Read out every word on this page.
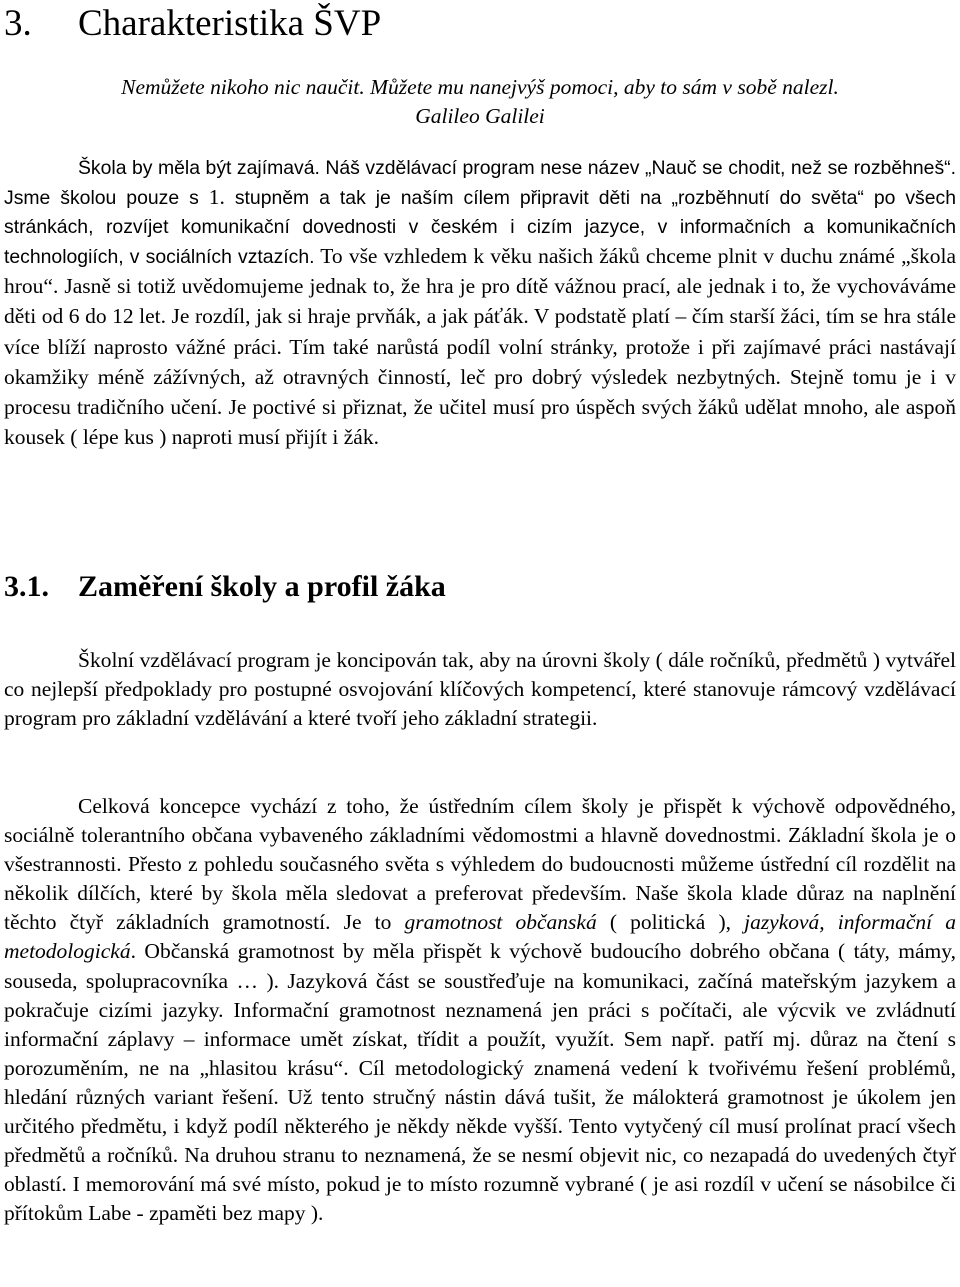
3. Charakteristika ŠVP
Nemůžete nikoho nic naučit. Můžete mu nanejvýš pomoci, aby to sám v sobě nalezl.
Galileo Galilei

Škola by měla být zajímavá. Náš vzdělávací program nese název „Nauč se chodit, než se rozběhneš“. Jsme školou pouze s 1. stupněm a tak je naším cílem připravit děti na „rozběhnutí do světa“ po všech stránkách, rozvíjet komunikační dovednosti v českém i cizím jazyce, v informačních a komunikačních technologiích, v sociálních vztazích. To vše vzhledem k věku našich žáků chceme plnit v duchu známé „škola hrou“. Jasně si totiž uvědomujeme jednak to, že hra je pro dítě vážnou prací, ale jednak i to, že vychováváme děti od 6 do 12 let. Je rozdíl, jak si hraje prvňák, a jak páťák. V podstatě platí – čím starší žáci, tím se hra stále více blíží naprosto vážné práci. Tím také narůstá podíl volní stránky, protože i při zajímavé práci nastávají okamžiky méně zážívných, až otravných činností, leč pro dobrý výsledek nezbytných. Stejně tomu je i v procesu tradičního učení. Je poctivé si přiznat, že učitel musí pro úspěch svých žáků udělat mnoho, ale aspoň kousek ( lépe kus ) naproti musí přijít i žák.

3.1. Zaměření školy a profil žáka

Školní vzdělávací program je koncipován tak, aby na úrovni školy ( dále ročníků, předmětů ) vytvářel co nejlepší předpoklady pro postupné osvojování klíčových kompetencí, které stanovuje rámcový vzdělávací program pro základní vzdělávání a které tvoří jeho základní strategii.

Celková koncepce vychází z toho, že ústředním cílem školy je přispět k výchově odpovědného, sociálně tolerantního občana vybaveného základními vědomostmi a hlavně dovednostmi. Základní škola je o všestrannosti. Přesto z pohledu současného světa s výhledem do budoucnosti můžeme ústřední cíl rozdělit na několik dílčích, které by škola měla sledovat a preferovat především. Naše škola klade důraz na naplnění těchto čtyř základních gramotností. Je to gramotnost občanská ( politická ), jazyková, informační a metodologická. Občanská gramotnost by měla přispět k výchově budoucího dobrého občana ( táty, mámy, souseda, spolupracovníka … ). Jazyková část se soustřeďuje na komunikaci, začíná mateřským jazykem a pokračuje cizími jazyky. Informační gramotnost neznamená jen práci s počítači, ale výcvik ve zvládnutí informační záplavy – informace umět získat, třídit a použít, využít. Sem např. patří mj. důraz na čtení s porozuměním, ne na „hlasitou krásu“. Cíl metodologický znamená vedení k tvořivému řešení problémů, hledání různých variant řešení. Už tento stručný nástin dává tušit, že málokterá gramotnost je úkolem jen určitého předmětu, i když podíl některého je někdy někde vyšší. Tento vytyčený cíl musí prolínat prací všech předmětů a ročníků. Na druhou stranu to neznamená, že se nesmí objevit nic, co nezapadá do uvedených čtyř oblastí. I memorování má své místo, pokud je to místo rozumně vybrané ( je asi rozdíl v učení se násobilce či přítokům Labe - zpaměti bez mapy ).
